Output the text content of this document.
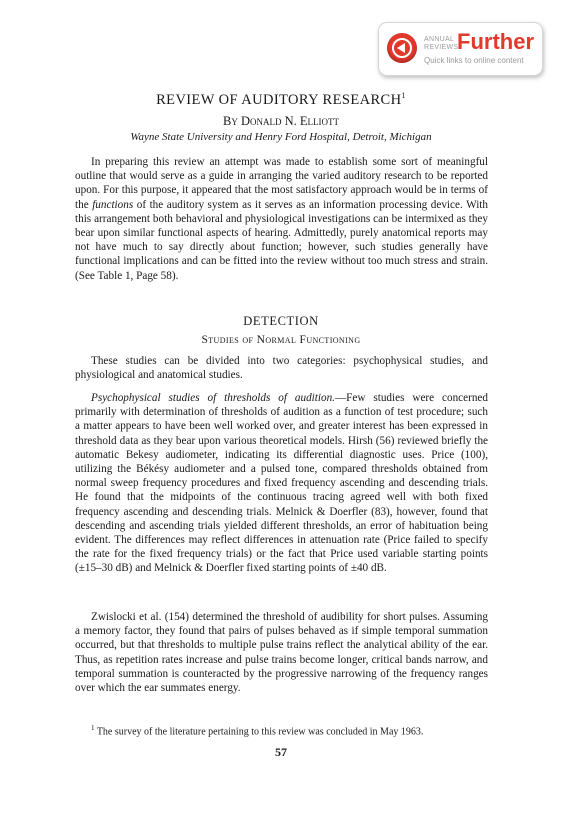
ANNUAL
REVIEWS
Further
Quick links to online content
REVIEW OF AUDITORY RESEARCH$^1$
By Donald N. Elliott
Wayne State University and Henry Ford Hospital, Detroit, Michigan

In preparing this review an attempt was made to establish some sort of meaningful outline that would serve as a guide in arranging the varied auditory research to be reported upon. For this purpose, it appeared that the most satisfactory approach would be in terms of the functions of the auditory system as it serves as an information processing device. With this arrangement both behavioral and physiological investigations can be intermixed as they bear upon similar functional aspects of hearing. Admittedly, purely anatomical reports may not have much to say directly about function; however, such studies generally have functional implications and can be fitted into the review without too much stress and strain. (See Table 1, Page 58).

DETECTION
Studies of Normal Functioning

These studies can be divided into two categories: psychophysical studies, and physiological and anatomical studies.

Psychophysical studies of thresholds of audition.—Few studies were concerned primarily with determination of thresholds of audition as a function of test procedure; such a matter appears to have been well worked over, and greater interest has been expressed in threshold data as they bear upon various theoretical models. Hirsh (56) reviewed briefly the automatic Bekesy audiometer, indicating its differential diagnostic uses. Price (100), utilizing the Békésy audiometer and a pulsed tone, compared thresholds obtained from normal sweep frequency procedures and fixed frequency ascending and descending trials. He found that the midpoints of the continuous tracing agreed well with both fixed frequency ascending and descending trials. Melnick & Doerfler (83), however, found that descending and ascending trials yielded different thresholds, an error of habituation being evident. The differences may reflect differences in attenuation rate (Price failed to specify the rate for the fixed frequency trials) or the fact that Price used variable starting points (±15–30 dB) and Melnick & Doerfler fixed starting points of ±40 dB.

Zwislocki et al. (154) determined the threshold of audibility for short pulses. Assuming a memory factor, they found that pairs of pulses behaved as if simple temporal summation occurred, but that thresholds to multiple pulse trains reflect the analytical ability of the ear. Thus, as repetition rates increase and pulse trains become longer, critical bands narrow, and temporal summation is counteracted by the progressive narrowing of the frequency ranges over which the ear summates energy.

$^1$ The survey of the literature pertaining to this review was concluded in May 1963.
57
